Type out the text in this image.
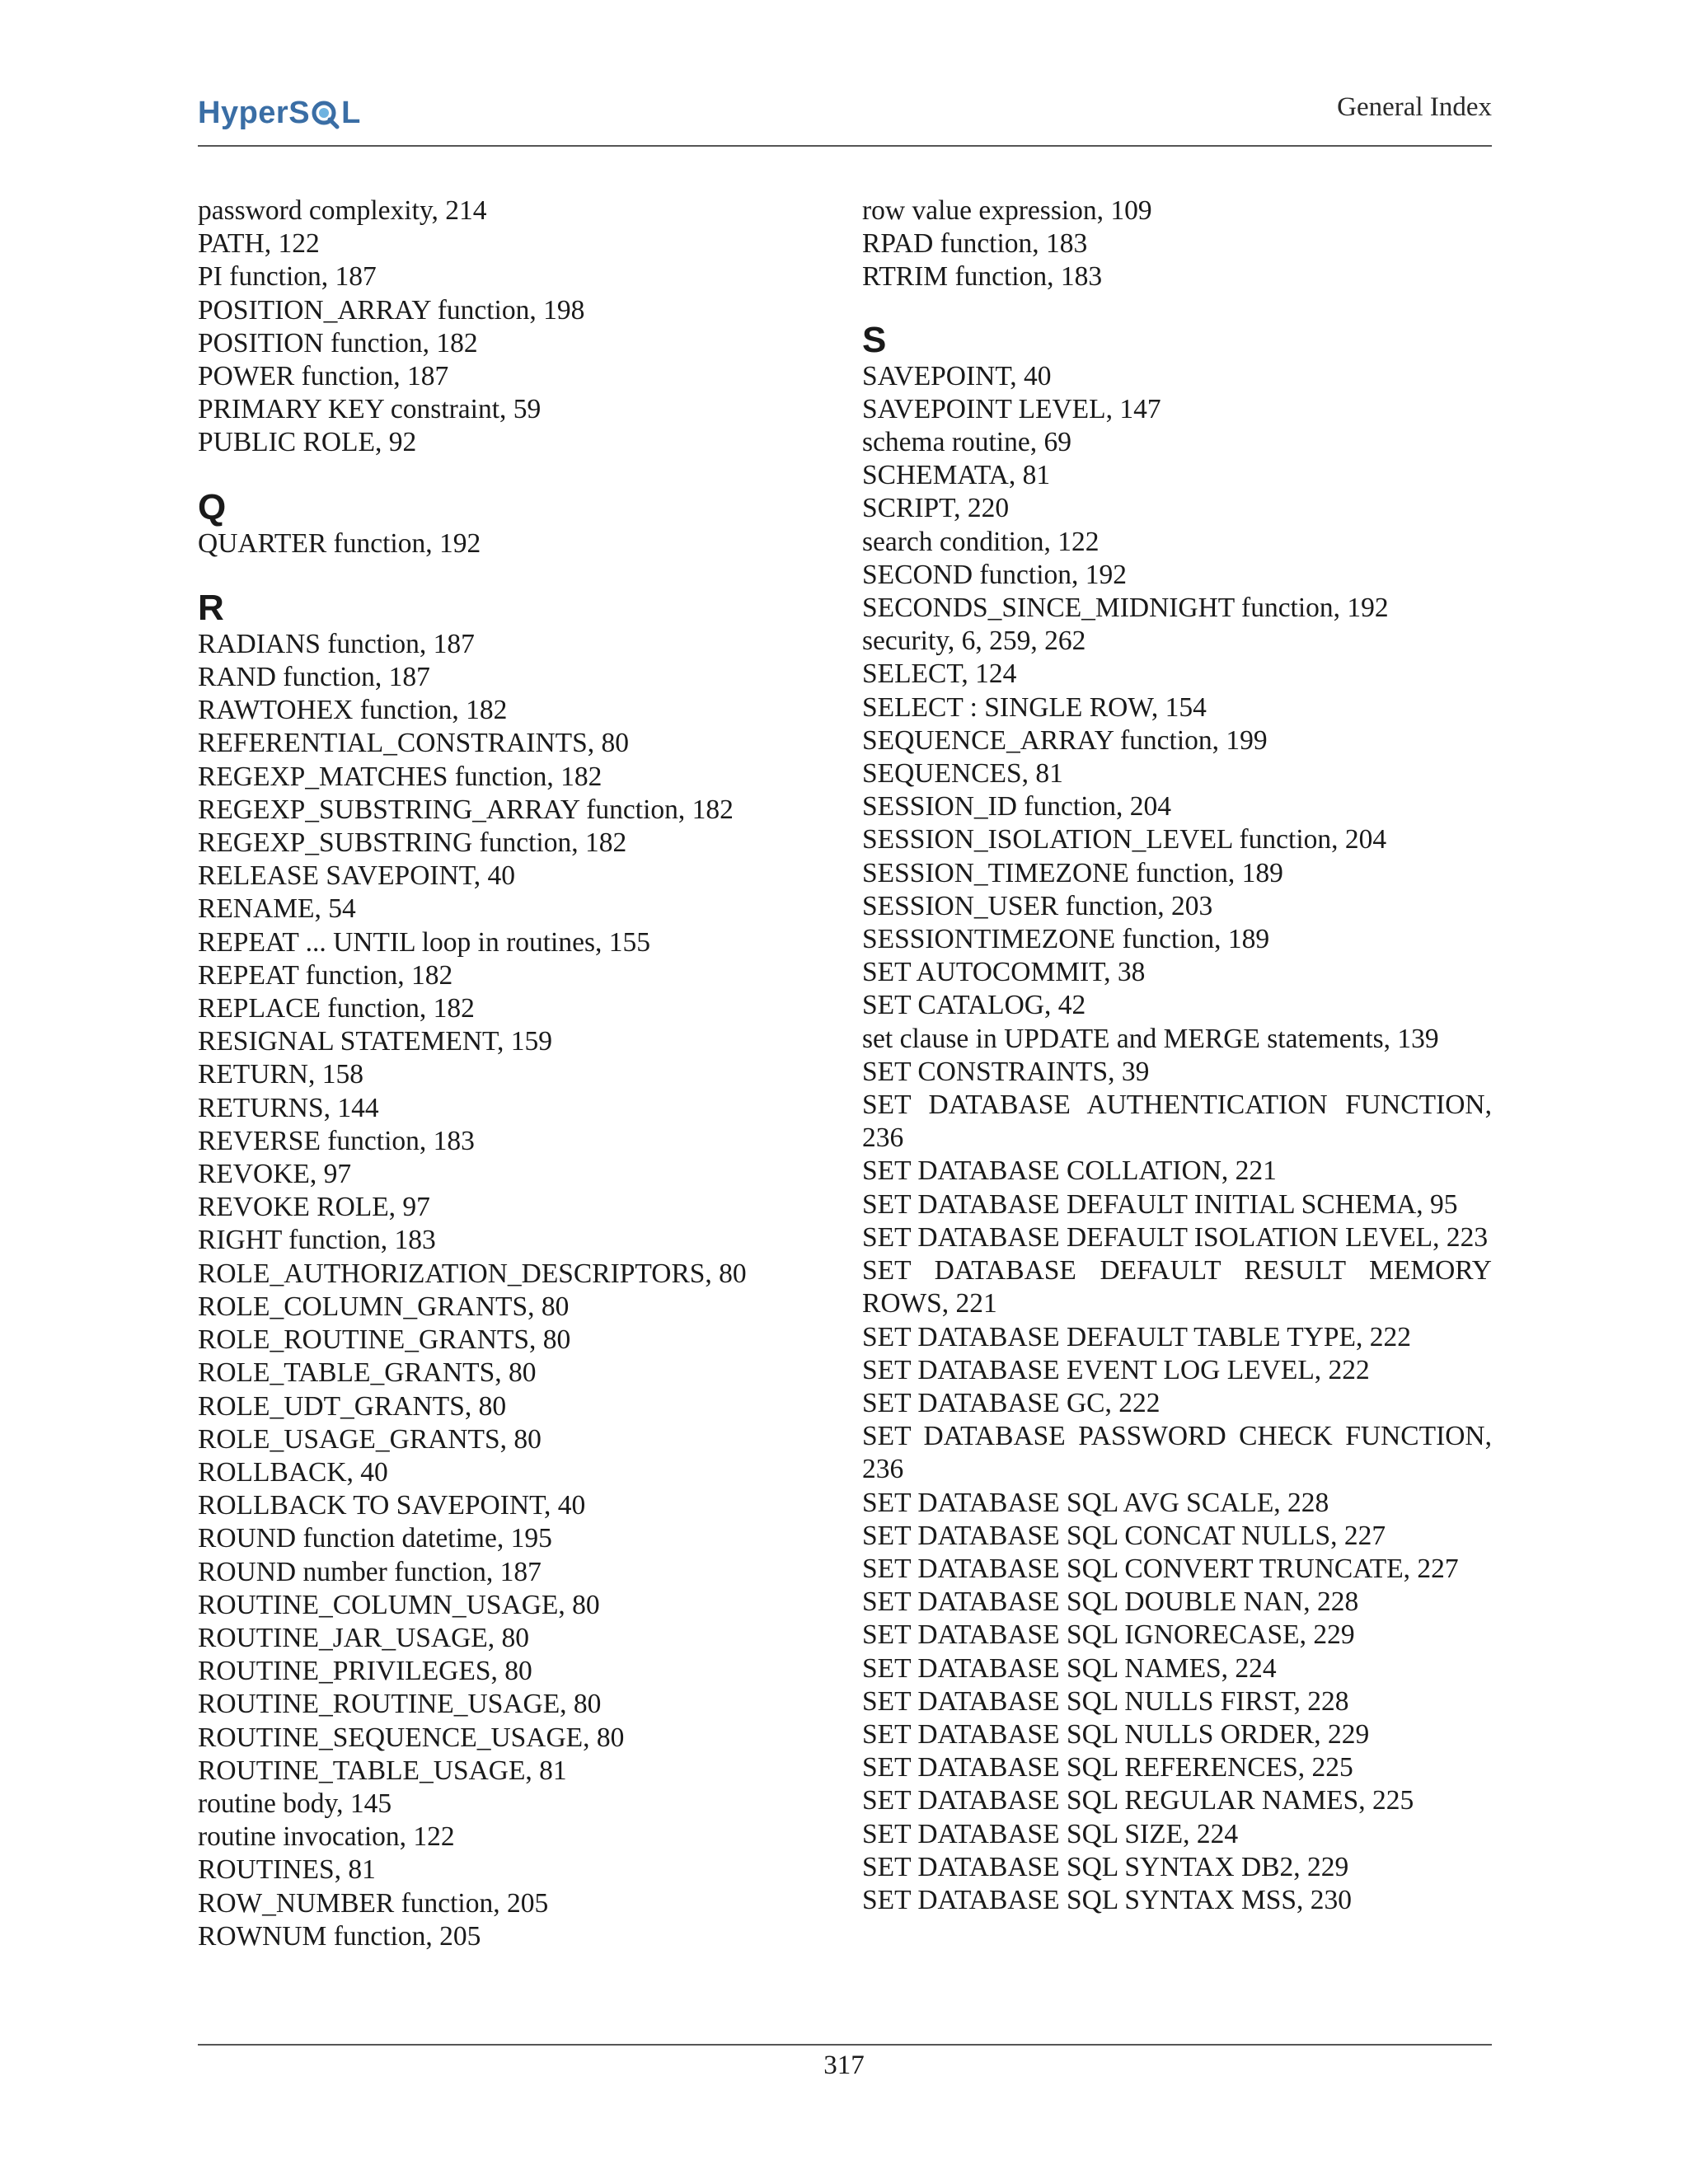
HyperS L	General Index
password complexity, 214
PATH, 122
PI function, 187
POSITION_ARRAY function, 198
POSITION function, 182
POWER function, 187
PRIMARY KEY constraint, 59
PUBLIC ROLE, 92
Q
QUARTER function, 192
R
RADIANS function, 187
RAND function, 187
RAWTOHEX function, 182
REFERENTIAL_CONSTRAINTS, 80
REGEXP_MATCHES function, 182
REGEXP_SUBSTRING_ARRAY function, 182
REGEXP_SUBSTRING function, 182
RELEASE SAVEPOINT, 40
RENAME, 54
REPEAT ... UNTIL loop in routines, 155
REPEAT function, 182
REPLACE function, 182
RESIGNAL STATEMENT, 159
RETURN, 158
RETURNS, 144
REVERSE function, 183
REVOKE, 97
REVOKE ROLE, 97
RIGHT function, 183
ROLE_AUTHORIZATION_DESCRIPTORS, 80
ROLE_COLUMN_GRANTS, 80
ROLE_ROUTINE_GRANTS, 80
ROLE_TABLE_GRANTS, 80
ROLE_UDT_GRANTS, 80
ROLE_USAGE_GRANTS, 80
ROLLBACK, 40
ROLLBACK TO SAVEPOINT, 40
ROUND function datetime, 195
ROUND number function, 187
ROUTINE_COLUMN_USAGE, 80
ROUTINE_JAR_USAGE, 80
ROUTINE_PRIVILEGES, 80
ROUTINE_ROUTINE_USAGE, 80
ROUTINE_SEQUENCE_USAGE, 80
ROUTINE_TABLE_USAGE, 81
routine body, 145
routine invocation, 122
ROUTINES, 81
ROW_NUMBER function, 205
ROWNUM function, 205
row value expression, 109
RPAD function, 183
RTRIM function, 183
S
SAVEPOINT, 40
SAVEPOINT LEVEL, 147
schema routine, 69
SCHEMATA, 81
SCRIPT, 220
search condition, 122
SECOND function, 192
SECONDS_SINCE_MIDNIGHT function, 192
security, 6, 259, 262
SELECT, 124
SELECT : SINGLE ROW, 154
SEQUENCE_ARRAY function, 199
SEQUENCES, 81
SESSION_ID function, 204
SESSION_ISOLATION_LEVEL function, 204
SESSION_TIMEZONE function, 189
SESSION_USER function, 203
SESSIONTIMEZONE function, 189
SET AUTOCOMMIT, 38
SET CATALOG, 42
set clause in UPDATE and MERGE statements, 139
SET CONSTRAINTS, 39
SET DATABASE AUTHENTICATION FUNCTION, 236
SET DATABASE COLLATION, 221
SET DATABASE DEFAULT INITIAL SCHEMA, 95
SET DATABASE DEFAULT ISOLATION LEVEL, 223
SET DATABASE DEFAULT RESULT MEMORY ROWS, 221
SET DATABASE DEFAULT TABLE TYPE, 222
SET DATABASE EVENT LOG LEVEL, 222
SET DATABASE GC, 222
SET DATABASE PASSWORD CHECK FUNCTION, 236
SET DATABASE SQL AVG SCALE, 228
SET DATABASE SQL CONCAT NULLS, 227
SET DATABASE SQL CONVERT TRUNCATE, 227
SET DATABASE SQL DOUBLE NAN, 228
SET DATABASE SQL IGNORECASE, 229
SET DATABASE SQL NAMES, 224
SET DATABASE SQL NULLS FIRST, 228
SET DATABASE SQL NULLS ORDER, 229
SET DATABASE SQL REFERENCES, 225
SET DATABASE SQL REGULAR NAMES, 225
SET DATABASE SQL SIZE, 224
SET DATABASE SQL SYNTAX DB2, 229
SET DATABASE SQL SYNTAX MSS, 230
317
